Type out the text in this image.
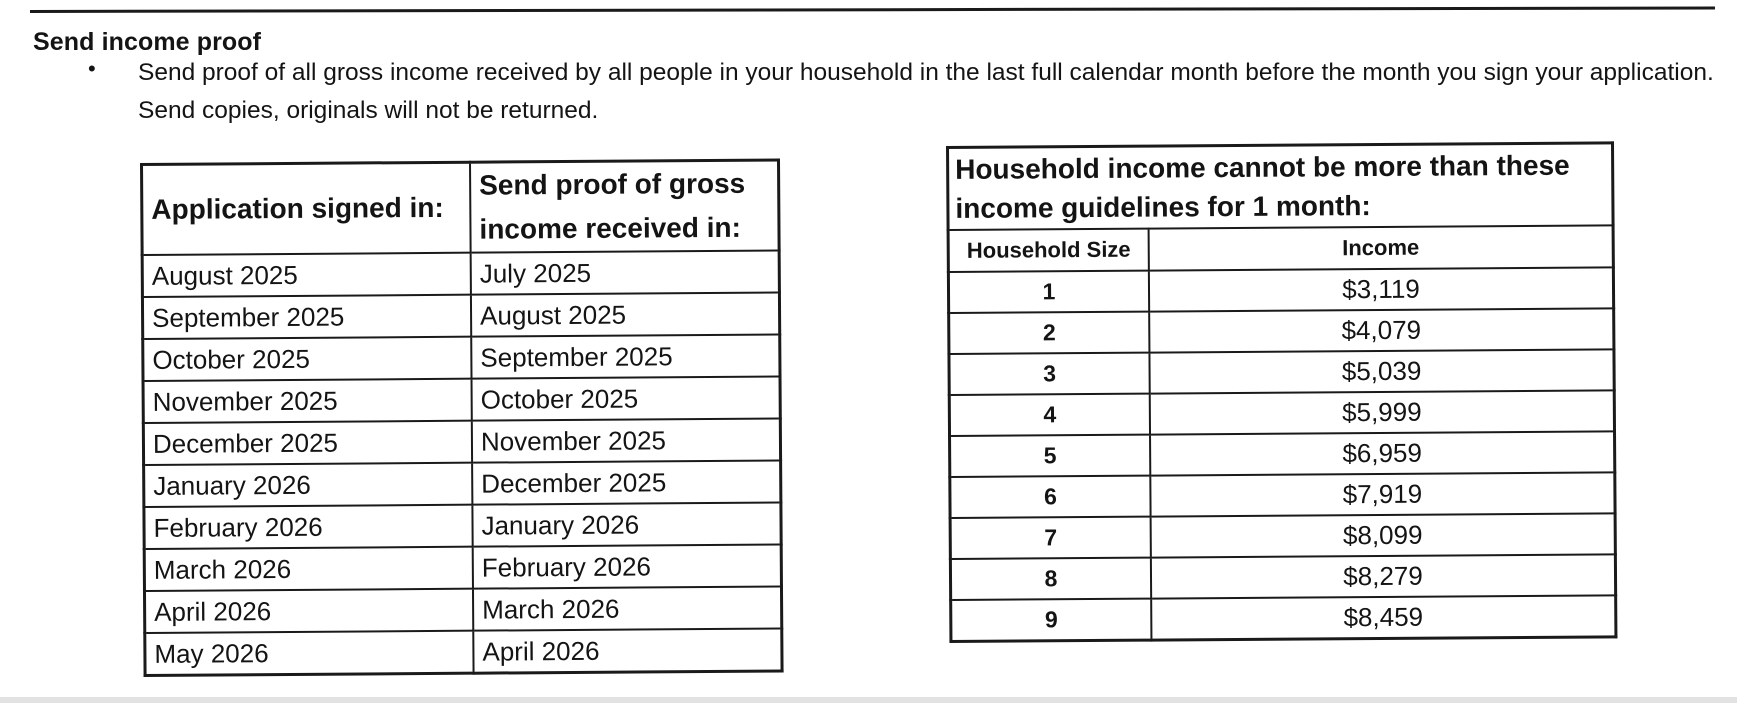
Send income proof
• Send proof of all gross income received by all people in your household in the last full calendar month before the month you sign your application. Send copies, originals will not be returned.
Application signed in:	Send proof of gross income received in:
August 2025	July 2025
September 2025	August 2025
October 2025	September 2025
November 2025	October 2025
December 2025	November 2025
January 2026	December 2025
February 2026	January 2026
March 2026	February 2026
April 2026	March 2026
May 2026	April 2026
Household income cannot be more than these income guidelines for 1 month:	
Household Size	Income
1	$3,119
2	$4,079
3	$5,039
4	$5,999
5	$6,959
6	$7,919
7	$8,099
8	$8,279
9	$8,459
